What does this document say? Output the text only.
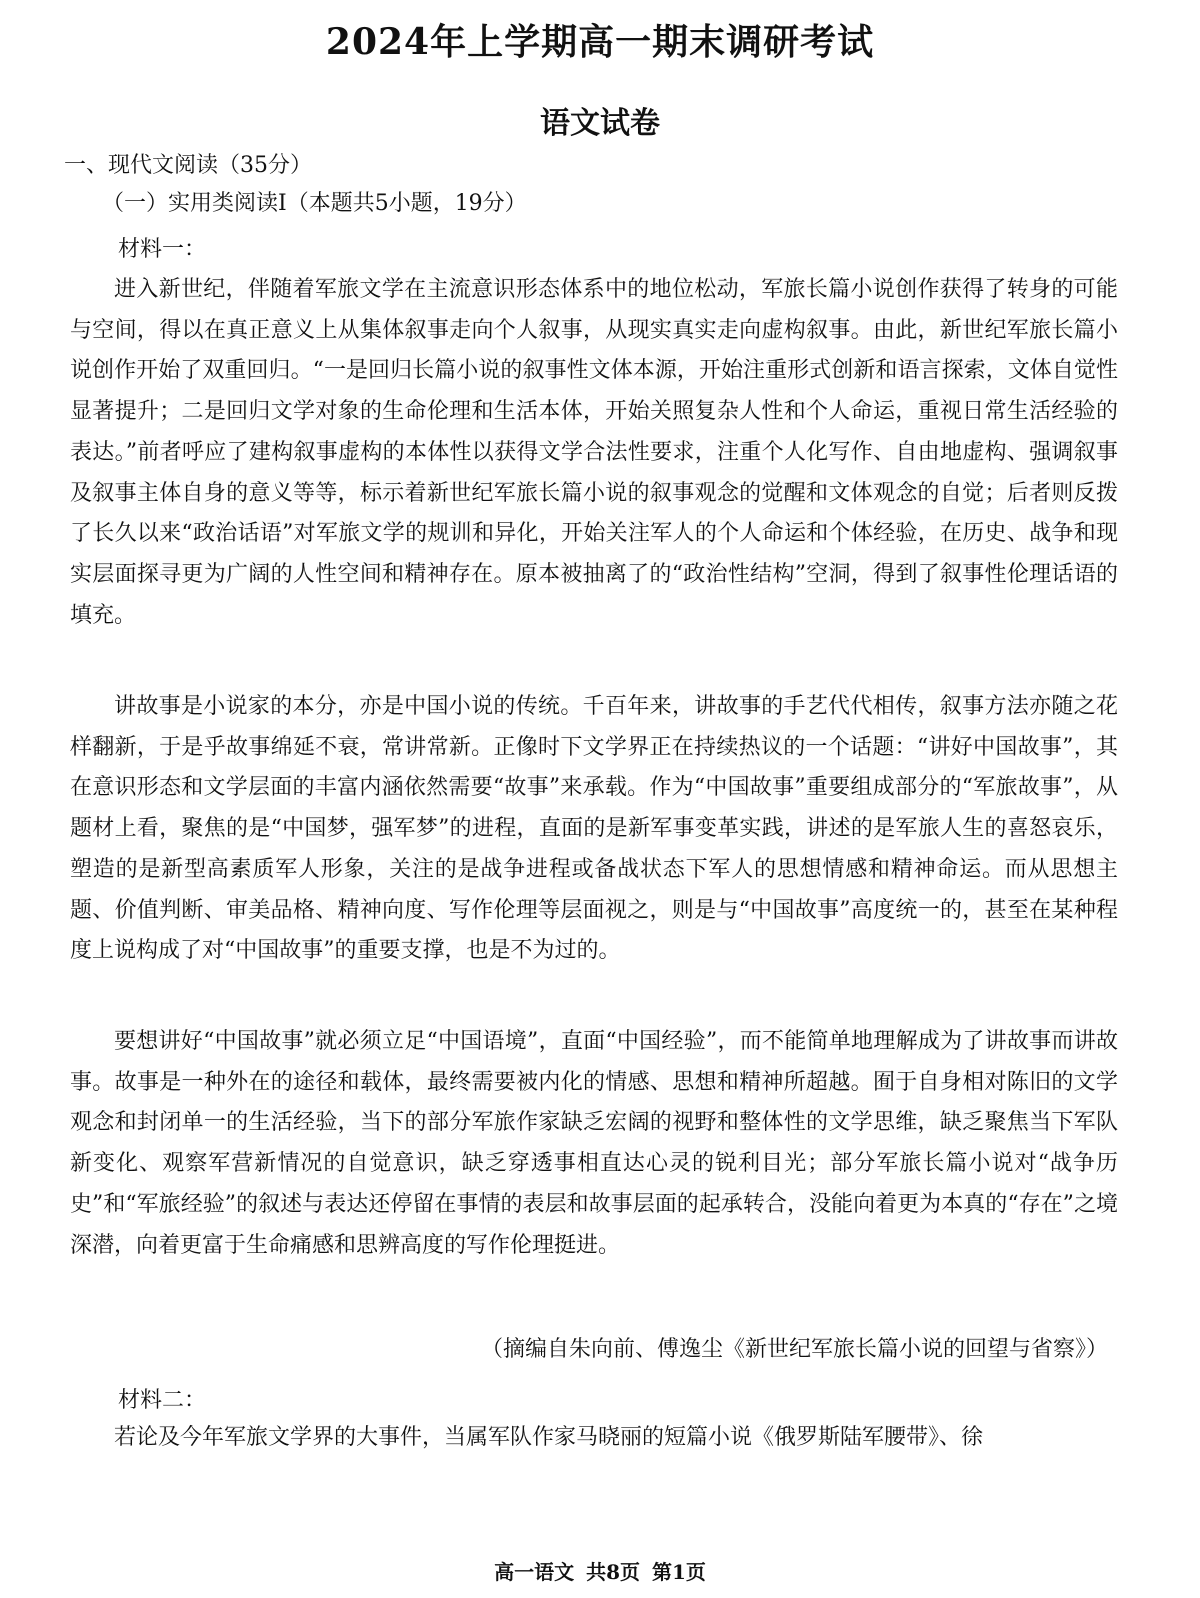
2024年上学期高一期末调研考试
语文试卷

一、现代文阅读（35分）

（一）实用类阅读Ⅰ（本题共5小题，19分）

材料一：

进入新世纪，伴随着军旅文学在主流意识形态体系中的地位松动，军旅长篇小说创作获得了转身的可能与空间，得以在真正意义上从集体叙事走向个人叙事，从现实真实走向虚构叙事。由此，新世纪军旅长篇小说创作开始了双重回归。“一是回归长篇小说的叙事性文体本源，开始注重形式创新和语言探索，文体自觉性显著提升；二是回归文学对象的生命伦理和生活本体，开始关照复杂人性和个人命运，重视日常生活经验的表达。”前者呼应了建构叙事虚构的本体性以获得文学合法性要求，注重个人化写作、自由地虚构、强调叙事及叙事主体自身的意义等等，标示着新世纪军旅长篇小说的叙事观念的觉醒和文体观念的自觉；后者则反拨了长久以来“政治话语”对军旅文学的规训和异化，开始关注军人的个人命运和个体经验，在历史、战争和现实层面探寻更为广阔的人性空间和精神存在。原本被抽离了的“政治性结构”空洞，得到了叙事性伦理话语的填充。

讲故事是小说家的本分，亦是中国小说的传统。千百年来，讲故事的手艺代代相传，叙事方法亦随之花样翻新，于是乎故事绵延不衰，常讲常新。正像时下文学界正在持续热议的一个话题：“讲好中国故事”，其在意识形态和文学层面的丰富内涵依然需要“故事”来承载。作为“中国故事”重要组成部分的“军旅故事”，从题材上看，聚焦的是“中国梦，强军梦”的进程，直面的是新军事变革实践，讲述的是军旅人生的喜怒哀乐，塑造的是新型高素质军人形象，关注的是战争进程或备战状态下军人的思想情感和精神命运。而从思想主题、价值判断、审美品格、精神向度、写作伦理等层面视之，则是与“中国故事”高度统一的，甚至在某种程度上说构成了对“中国故事”的重要支撑，也是不为过的。

要想讲好“中国故事”就必须立足“中国语境”，直面“中国经验”，而不能简单地理解成为了讲故事而讲故事。故事是一种外在的途径和载体，最终需要被内化的情感、思想和精神所超越。囿于自身相对陈旧的文学观念和封闭单一的生活经验，当下的部分军旅作家缺乏宏阔的视野和整体性的文学思维，缺乏聚焦当下军队新变化、观察军营新情况的自觉意识，缺乏穿透事相直达心灵的锐利目光；部分军旅长篇小说对“战争历史”和“军旅经验”的叙述与表达还停留在事情的表层和故事层面的起承转合，没能向着更为本真的“存在”之境深潜，向着更富于生命痛感和思辨高度的写作伦理挺进。

（摘编自朱向前、傅逸尘《新世纪军旅长篇小说的回望与省察》）

材料二：

若论及今年军旅文学界的大事件，当属军队作家马晓丽的短篇小说《俄罗斯陆军腰带》、徐

高一语文 共8页 第1页
